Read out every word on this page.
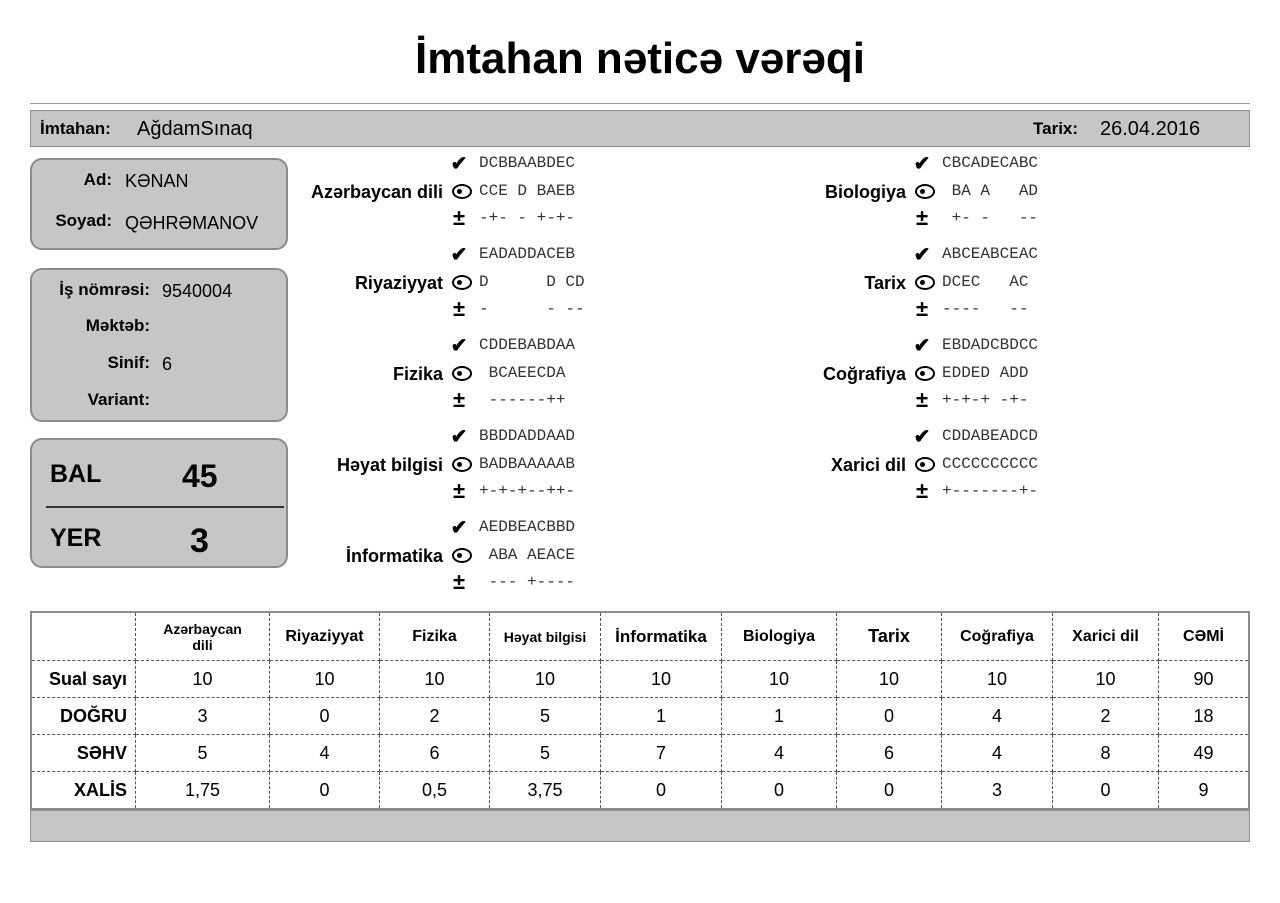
İmtahan nəticə vərəqi
İmtahan: AğdamSınaq	Tarix: 26.04.2016
Ad: KƏNAN
Soyad: QƏHRƏMANOV
İş nömrəsi: 9540004
Məktəb:
Sinif: 6
Variant:
BAL	45
YER	3
Azərbaycan dili
✔ DCBBAABDEC
CCE D BAEB
± -+- - +-+-
Riyaziyyat
✔ EADADDACEB
D      D CD
± -      - --
Fizika
✔ CDDEBABDAA
BCAEECDA
± ------++
Həyat bilgisi
✔ BBDDADDAAD
BADBAAAAAB
± +-+-+--++-
İnformatika
✔ AEDBEACBBD
ABA AEACE
± --- +----
Biologiya
✔ CBCADECABC
BA A   AD
± +- -   --
Tarix
✔ ABCEABCEAC
DCEC   AC
± ----   --
Coğrafiya
✔ EBDADCBDCC
EDDED ADD
± +-+-+ -+-
Xarici dil
✔ CDDABEADCD
CCCCCCCCCC
± +-------+-
	Azərbaycan dili	Riyaziyyat	Fizika	Həyat bilgisi	İnformatika	Biologiya	Tarix	Coğrafiya	Xarici dil	CƏMİ
Sual sayı	10	10	10	10	10	10	10	10	10	90
DOĞRU	3	0	2	5	1	1	0	4	2	18
SƏHV	5	4	6	5	7	4	6	4	8	49
XALİS	1,75	0	0,5	3,75	0	0	0	3	0	9
